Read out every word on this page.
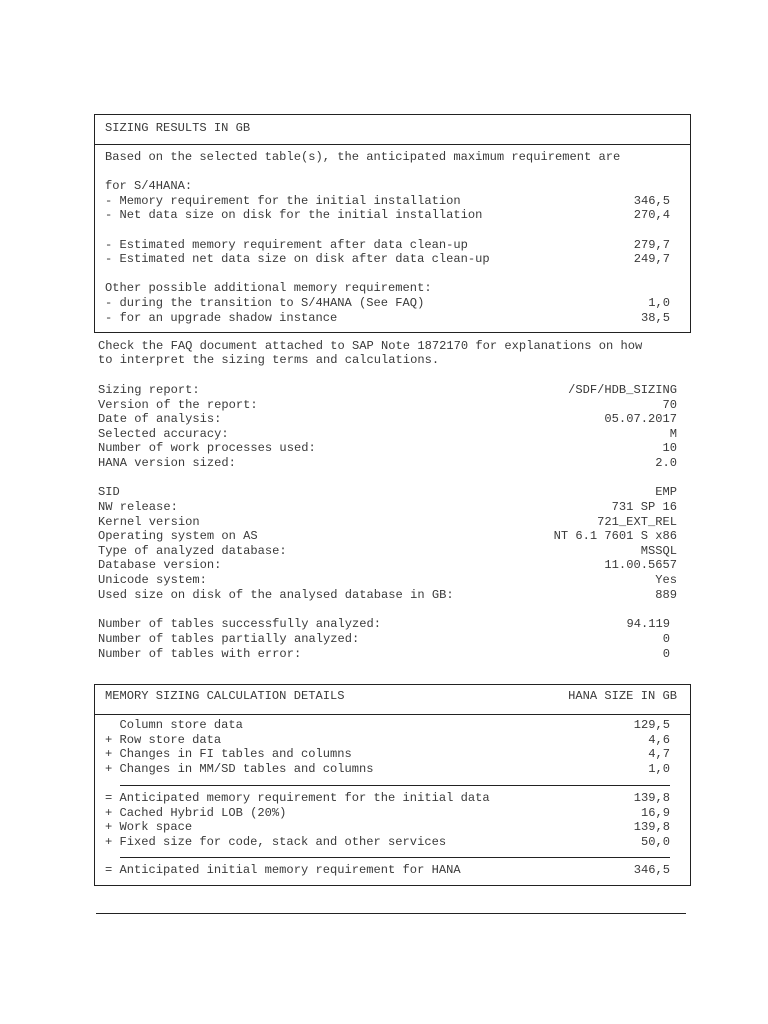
SIZING RESULTS IN GB
Based on the selected table(s), the anticipated maximum requirement are
for S/4HANA:
- Memory requirement for the initial installation	346,5
- Net data size on disk for the initial installation	270,4
- Estimated memory requirement after data clean-up	279,7
- Estimated net data size on disk after data clean-up	249,7
Other possible additional memory requirement:
- during the transition to S/4HANA (See FAQ)	1,0
- for an upgrade shadow instance	38,5
Check the FAQ document attached to SAP Note 1872170 for explanations on how
to interpret the sizing terms and calculations.
Sizing report:	/SDF/HDB_SIZING
Version of the report:	70
Date of analysis:	05.07.2017
Selected accuracy:	M
Number of work processes used:	10
HANA version sized:	2.0
SID	EMP
NW release:	731 SP 16
Kernel version	721_EXT_REL
Operating system on AS	NT 6.1 7601 S x86
Type of analyzed database:	MSSQL
Database version:	11.00.5657
Unicode system:	Yes
Used size on disk of the analysed database in GB:	889
Number of tables successfully analyzed:	94.119
Number of tables partially analyzed:	0
Number of tables with error:	0
MEMORY SIZING CALCULATION DETAILS	HANA SIZE IN GB
Column store data	129,5
+ Row store data	4,6
+ Changes in FI tables and columns	4,7
+ Changes in MM/SD tables and columns	1,0
= Anticipated memory requirement for the initial data	139,8
+ Cached Hybrid LOB (20%)	16,9
+ Work space	139,8
+ Fixed size for code, stack and other services	50,0
= Anticipated initial memory requirement for HANA	346,5
